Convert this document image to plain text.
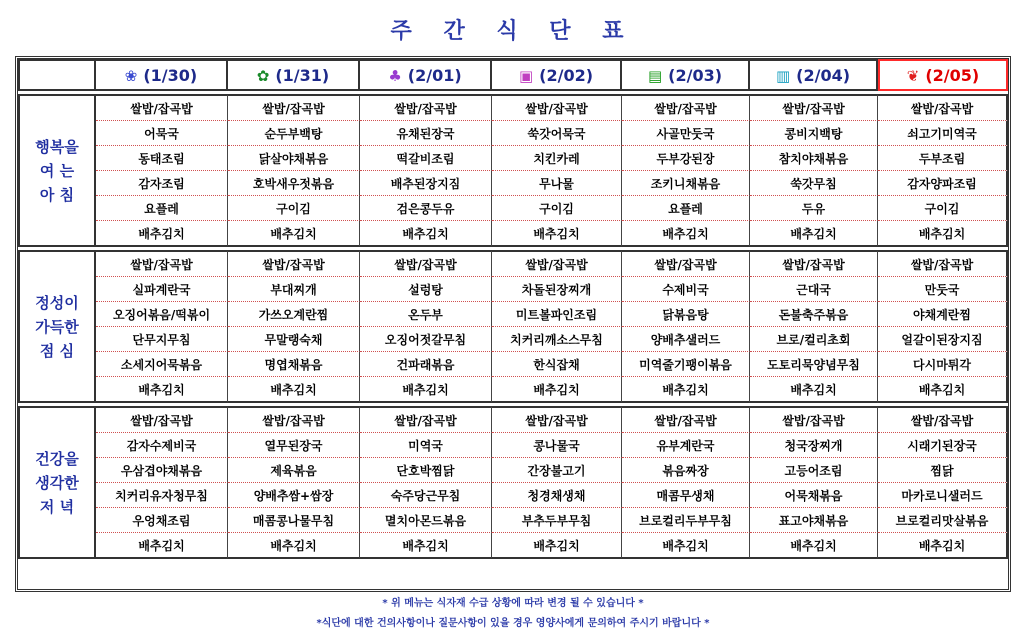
주 간 식 단 표
	❀ (1/30)	✿ (1/31)	♣ (2/01)	▣ (2/02)	▤ (2/03)	▥ (2/04)	❦ (2/05)

행복을
여 는
아 침	쌀밥/잡곡밥	쌀밥/잡곡밥	쌀밥/잡곡밥	쌀밥/잡곡밥	쌀밥/잡곡밥	쌀밥/잡곡밥	쌀밥/잡곡밥
	어묵국	순두부백탕	유채된장국	쑥갓어묵국	사골만둣국	콩비지백탕	쇠고기미역국
	동태조림	닭살야채볶음	떡갈비조림	치킨카레	두부강된장	참치야채볶음	두부조림
	감자조림	호박새우젓볶음	배추된장지짐	무나물	조키니채볶음	쑥갓무침	감자양파조림
	요플레	구이김	검은콩두유	구이김	요플레	두유	구이김
	배추김치	배추김치	배추김치	배추김치	배추김치	배추김치	배추김치

정성이
가득한
점 심	쌀밥/잡곡밥	쌀밥/잡곡밥	쌀밥/잡곡밥	쌀밥/잡곡밥	쌀밥/잡곡밥	쌀밥/잡곡밥	쌀밥/잡곡밥
	실파계란국	부대찌개	설렁탕	차돌된장찌개	수제비국	근대국	만둣국
	오징어볶음/떡볶이	가쓰오계란찜	온두부	미트볼파인조림	닭볶음탕	돈불축주볶음	야채계란찜
	단무지무침	무말랭숙채	오징어젓갈무침	치커리깨소스무침	양배추샐러드	브로/컬리초회	얼갈이된장지짐
	소세지어묵볶음	명엽채볶음	건파래볶음	한식잡채	미역줄기팽이볶음	도토리묵양념무침	다시마튀각
	배추김치	배추김치	배추김치	배추김치	배추김치	배추김치	배추김치

건강을
생각한
저 녁	쌀밥/잡곡밥	쌀밥/잡곡밥	쌀밥/잡곡밥	쌀밥/잡곡밥	쌀밥/잡곡밥	쌀밥/잡곡밥	쌀밥/잡곡밥
	감자수제비국	열무된장국	미역국	콩나물국	유부계란국	청국장찌개	시래기된장국
	우삼겹야채볶음	제육볶음	단호박찜닭	간장불고기	볶음짜장	고등어조림	찜닭
	치커리유자청무침	양배추쌈+쌈장	숙주당근무침	청경채생채	매콤무생채	어묵채볶음	마카로니샐러드
	우엉채조림	매콤콩나물무침	멸치아몬드볶음	부추두부무침	브로컬리두부무침	표고야채볶음	브로컬리맛살볶음
	배추김치	배추김치	배추김치	배추김치	배추김치	배추김치	배추김치
* 위 메뉴는 식자재 수급 상황에 따라 변경 될 수 있습니다 *
*식단에 대한 건의사항이나 질문사항이 있을 경우 영양사에게 문의하여 주시기 바랍니다 *
